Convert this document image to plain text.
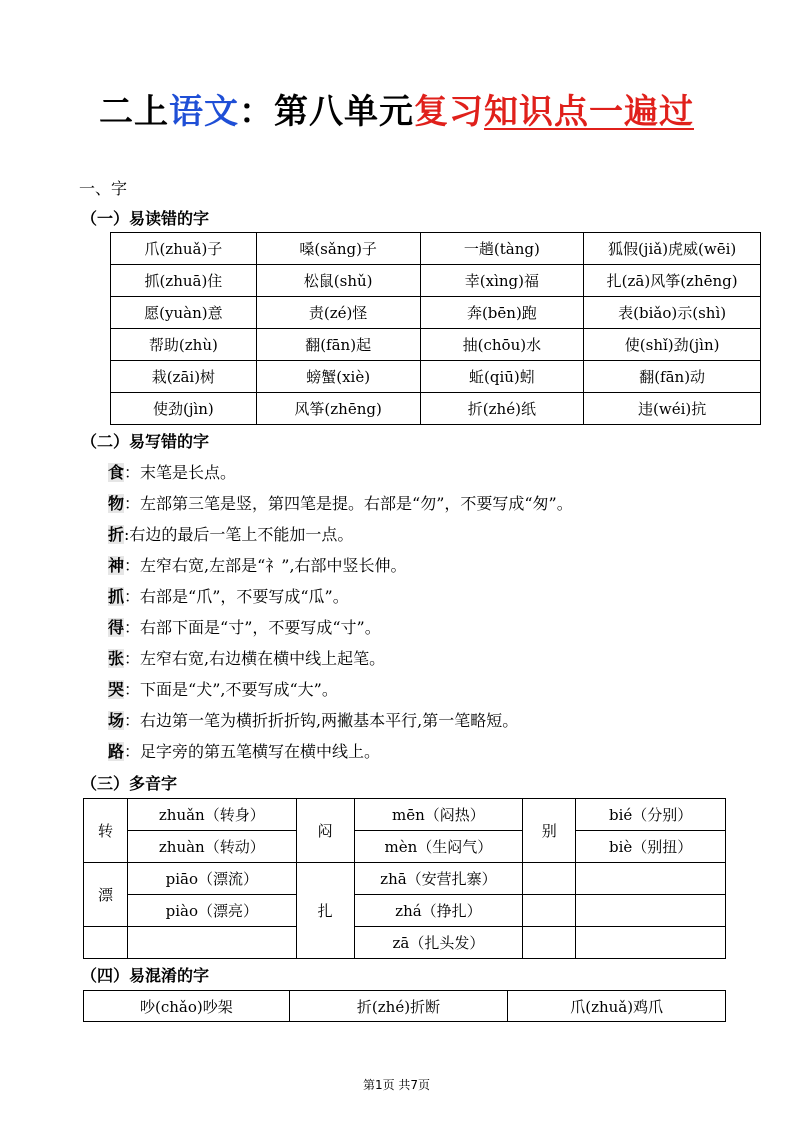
二上语文：第八单元复习知识点一遍过
一、字
（一）易读错的字
爪(zhuǎ)子	嗓(sǎng)子	一趟(tàng)	狐假(jiǎ)虎威(wēi)
抓(zhuā)住	松鼠(shǔ)	幸(xìng)福	扎(zā)风筝(zhēng)
愿(yuàn)意	责(zé)怪	奔(bēn)跑	表(biǎo)示(shì)
帮助(zhù)	翻(fān)起	抽(chōu)水	使(shǐ)劲(jìn)
栽(zāi)树	螃蟹(xiè)	蚯(qiū)蚓	翻(fān)动
使劲(jìn)	风筝(zhēng)	折(zhé)纸	违(wéi)抗
（二）易写错的字
食：末笔是长点。
物：左部第三笔是竖，第四笔是提。右部是“勿”，不要写成“匆”。
折:右边的最后一笔上不能加一点。
神：左窄右宽,左部是“礻”,右部中竖长伸。
抓：右部是“爪”，不要写成“瓜”。
得：右部下面是“寸”，不要写成“寸”。
张：左窄右宽,右边横在横中线上起笔。
哭：下面是“犬”,不要写成“大”。
场：右边第一笔为横折折折钩,两撇基本平行,第一笔略短。
路：足字旁的第五笔横写在横中线上。
（三）多音字
转	zhuǎn（转身）	闷	mēn（闷热）	别	bié（分别）
	zhuàn（转动）		mèn（生闷气）		biè（别扭）
漂	piāo（漂流）	扎	zhā（安营扎寨）		
	piào（漂亮）		zhá（挣扎）		
			zā（扎头发）		
（四）易混淆的字
吵(chǎo)吵架	折(zhé)折断	爪(zhuǎ)鸡爪
第1页 共7页
